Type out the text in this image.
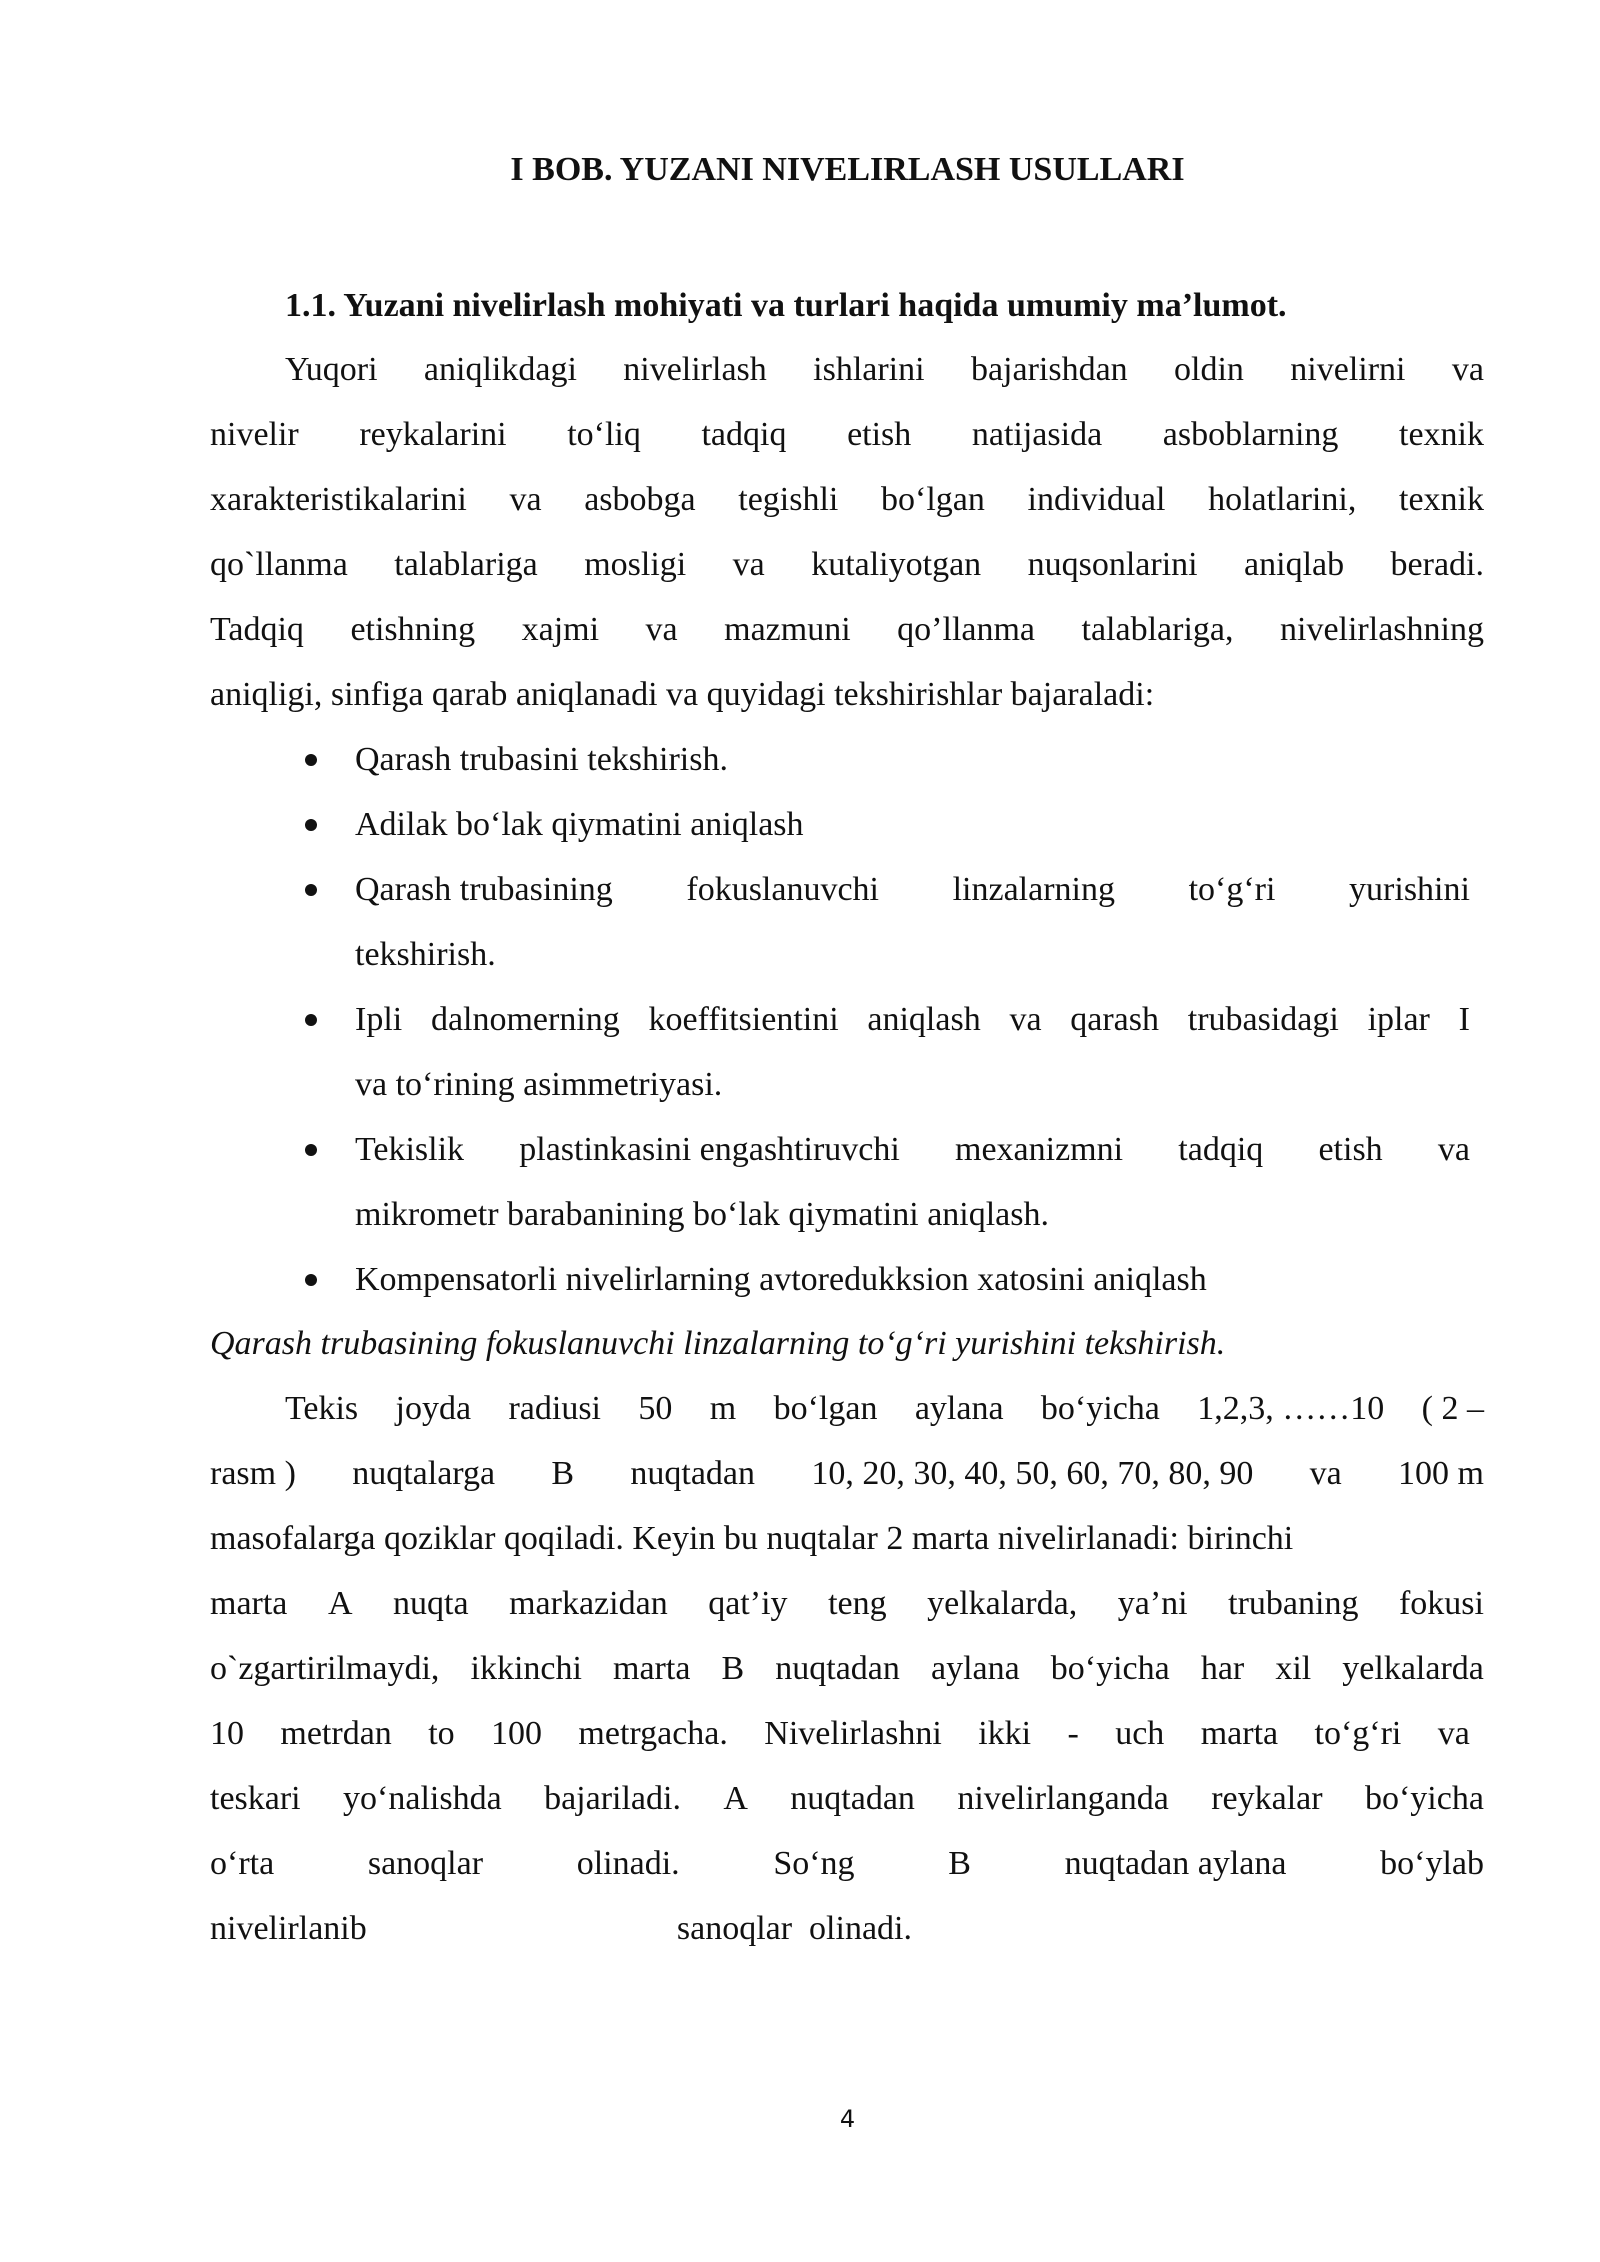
I BOB. YUZANI NIVELIRLASH USULLARI
1.1. Yuzani nivelirlash mohiyati va turlari haqida umumiy ma’lumot.
Yuqori aniqlikdagi nivelirlash ishlarini bajarishdan oldin nivelirni va
nivelir reykalarini to‘liq tadqiq etish natijasida asboblarning texnik
xarakteristikalarini va asbobga tegishli bo‘lgan individual holatlarini, texnik
qo`llanma talablariga mosligi va kutaliyotgan nuqsonlarini aniqlab beradi.
Tadqiq etishning xajmi va mazmuni qo’llanma talablariga, nivelirlashning
aniqligi, sinfiga qarab aniqlanadi va quyidagi tekshirishlar bajaraladi:
Qarash trubasini tekshirish.
Adilak bo‘lak qiymatini aniqlash
Qarash trubasining fokuslanuvchi linzalarning to‘g‘ri yurishini
tekshirish.
Ipli dalnomerning koeffitsientini aniqlash va qarash trubasidagi iplar I
va to‘rining asimmetriyasi.
Tekislik plastinkasini engashtiruvchi mexanizmni tadqiq etish va
mikrometr barabanining bo‘lak qiymatini aniqlash.
Kompensatorli nivelirlarning avtoredukksion xatosini aniqlash
Qarash trubasining fokuslanuvchi linzalarning to‘g‘ri yurishini tekshirish.
Tekis joyda radiusi 50 m bo‘lgan aylana bo‘yicha 1,2,3, ……10 ( 2 –
rasm ) nuqtalarga B nuqtadan 10, 20, 30, 40, 50, 60, 70, 80, 90 va 100 m
masofalarga qoziklar qoqiladi. Keyin bu nuqtalar 2 marta nivelirlanadi: birinchi
marta A nuqta markazidan qat’iy teng yelkalarda, ya’ni trubaning fokusi
o`zgartirilmaydi, ikkinchi marta B nuqtadan aylana bo‘yicha har xil yelkalarda
10 metrdan to 100 metrgacha. Nivelirlashni ikki - uch marta to‘g‘ri va
teskari yo‘nalishda bajariladi. A nuqtadan nivelirlanganda reykalar bo‘yicha
o‘rta	sanoqlar	olinadi.	So‘ng	B	nuqtadan aylana	bo‘ylab
nivelirlanib	sanoqlar  olinadi.
4
